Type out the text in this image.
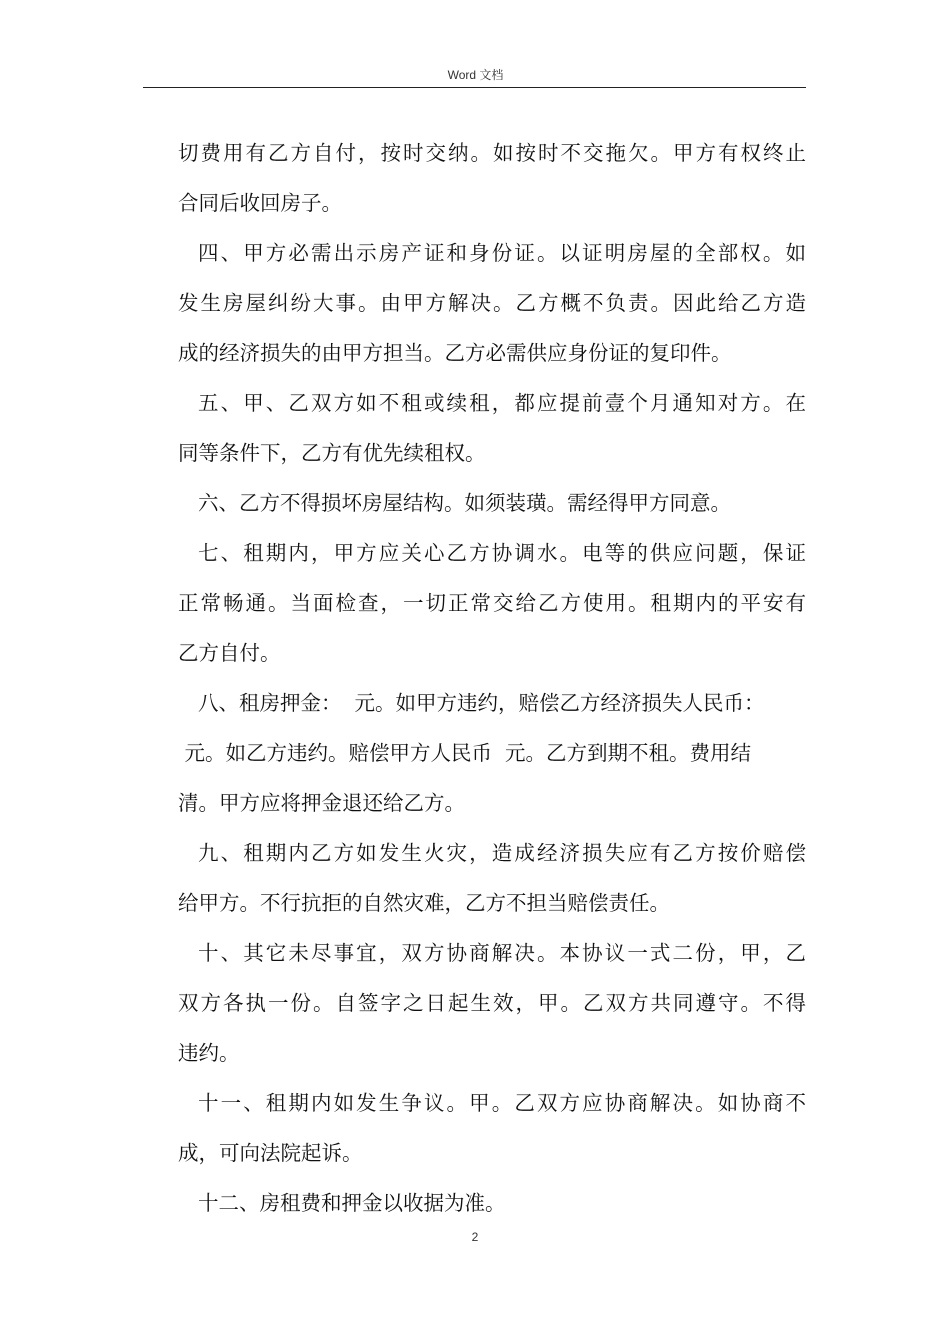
Word 文档
切费用有乙方自付，按时交纳。如按时不交拖欠。甲方有权终止
合同后收回房子。
四、甲方必需出示房产证和身份证。以证明房屋的全部权。如
发生房屋纠纷大事。由甲方解决。乙方概不负责。因此给乙方造
成的经济损失的由甲方担当。乙方必需供应身份证的复印件。
五、甲、乙双方如不租或续租，都应提前壹个月通知对方。在
同等条件下，乙方有优先续租权。
六、乙方不得损坏房屋结构。如须装璜。需经得甲方同意。
七、租期内，甲方应关心乙方协调水。电等的供应问题，保证
正常畅通。当面检查，一切正常交给乙方使用。租期内的平安有
乙方自付。
八、租房押金：  元。如甲方违约，赔偿乙方经济损失人民币：
元。如乙方违约。赔偿甲方人民币  元。乙方到期不租。费用结
清。甲方应将押金退还给乙方。
九、租期内乙方如发生火灾，造成经济损失应有乙方按价赔偿
给甲方。不行抗拒的自然灾难，乙方不担当赔偿责任。
十、其它未尽事宜，双方协商解决。本协议一式二份，甲，乙
双方各执一份。自签字之日起生效，甲。乙双方共同遵守。不得
违约。
十一、租期内如发生争议。甲。乙双方应协商解决。如协商不
成，可向法院起诉。
十二、房租费和押金以收据为准。
2
